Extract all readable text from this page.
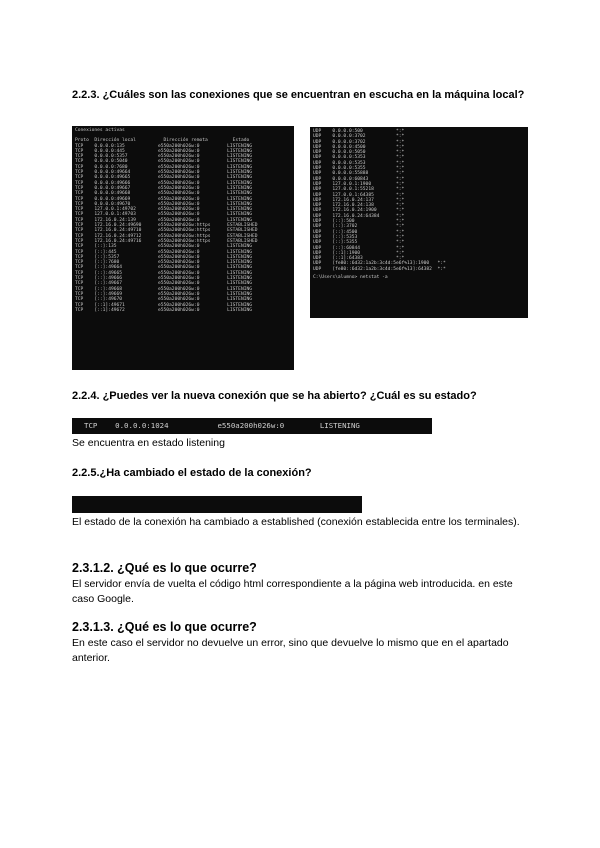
2.2.3. ¿Cuáles son las conexiones que se encuentran en escucha en la máquina local?
Conexiones activas
Proto  Dirección local          Dirección remota         Estado
TCP    0.0.0.0:135            e550a200h026w:0          LISTENING
TCP    0.0.0.0:445            e550a200h026w:0          LISTENING
TCP    0.0.0.0:5357           e550a200h026w:0          LISTENING
TCP    0.0.0.0:5040           e550a200h026w:0          LISTENING
TCP    0.0.0.0:7680           e550a200h026w:0          LISTENING
TCP    0.0.0.0:49664          e550a200h026w:0          LISTENING
TCP    0.0.0.0:49665          e550a200h026w:0          LISTENING
TCP    0.0.0.0:49666          e550a200h026w:0          LISTENING
TCP    0.0.0.0:49667          e550a200h026w:0          LISTENING
TCP    0.0.0.0:49668          e550a200h026w:0          LISTENING
TCP    0.0.0.0:49669          e550a200h026w:0          LISTENING
TCP    0.0.0.0:49670          e550a200h026w:0          LISTENING
TCP    127.0.0.1:49702        e550a200h026w:0          LISTENING
TCP    127.0.0.1:49703        e550a200h026w:0          LISTENING
TCP    172.16.0.24:139        e550a200h026w:0          LISTENING
TCP    172.16.0.24:49690      e550a200h026w:https      ESTABLISHED
TCP    172.16.0.24:49710      e550a200h026w:https      ESTABLISHED
TCP    172.16.0.24:49712      e550a200h026w:https      ESTABLISHED
TCP    172.16.0.24:49716      e550a200h026w:https      ESTABLISHED
TCP    [::]:135               e550a200h026w:0          LISTENING
TCP    [::]:445               e550a200h026w:0          LISTENING
TCP    [::]:5357              e550a200h026w:0          LISTENING
TCP    [::]:7680              e550a200h026w:0          LISTENING
TCP    [::]:49664             e550a200h026w:0          LISTENING
TCP    [::]:49665             e550a200h026w:0          LISTENING
TCP    [::]:49666             e550a200h026w:0          LISTENING
TCP    [::]:49667             e550a200h026w:0          LISTENING
TCP    [::]:49668             e550a200h026w:0          LISTENING
TCP    [::]:49669             e550a200h026w:0          LISTENING
TCP    [::]:49670             e550a200h026w:0          LISTENING
TCP    [::1]:49671            e550a200h026w:0          LISTENING
TCP    [::1]:49672            e550a200h026w:0          LISTENING
UDP    0.0.0.0:500            *:*
UDP    0.0.0.0:3702           *:*
UDP    0.0.0.0:3702           *:*
UDP    0.0.0.0:4500           *:*
UDP    0.0.0.0:5050           *:*
UDP    0.0.0.0:5353           *:*
UDP    0.0.0.0:5353           *:*
UDP    0.0.0.0:5355           *:*
UDP    0.0.0.0:55888          *:*
UDP    0.0.0.0:60843          *:*
UDP    127.0.0.1:1900         *:*
UDP    127.0.0.1:55218        *:*
UDP    127.0.0.1:64385        *:*
UDP    172.16.0.24:137        *:*
UDP    172.16.0.24:138        *:*
UDP    172.16.0.24:1900       *:*
UDP    172.16.0.24:64384      *:*
UDP    [::]:500               *:*
UDP    [::]:3702              *:*
UDP    [::]:4500              *:*
UDP    [::]:5353              *:*
UDP    [::]:5355              *:*
UDP    [::]:60844             *:*
UDP    [::1]:1900             *:*
UDP    [::1]:64383            *:*
UDP    [fe80::6d32:1a2b:3c4d:5e6f%13]:1900   *:*
UDP    [fe80::6d32:1a2b:3c4d:5e6f%13]:64382  *:*
C:\Users\alumno> netstat -a
2.2.4. ¿Puedes ver la nueva conexión que se ha abierto? ¿Cuál es su estado?
TCP    0.0.0.0:1024           e550a200h026w:0        LISTENING
Se encuentra en estado listening
2.2.5.¿Ha cambiado el estado de la conexión?

El estado de la conexión ha cambiado a established (conexión establecida entre los terminales).
2.3.1.2. ¿Qué es lo que ocurre?
El servidor envía de vuelta el código html correspondiente a la página web introducida. en este caso Google.
2.3.1.3. ¿Qué es lo que ocurre?
En este caso el servidor no devuelve un error, sino que devuelve lo mismo que en el apartado anterior.
